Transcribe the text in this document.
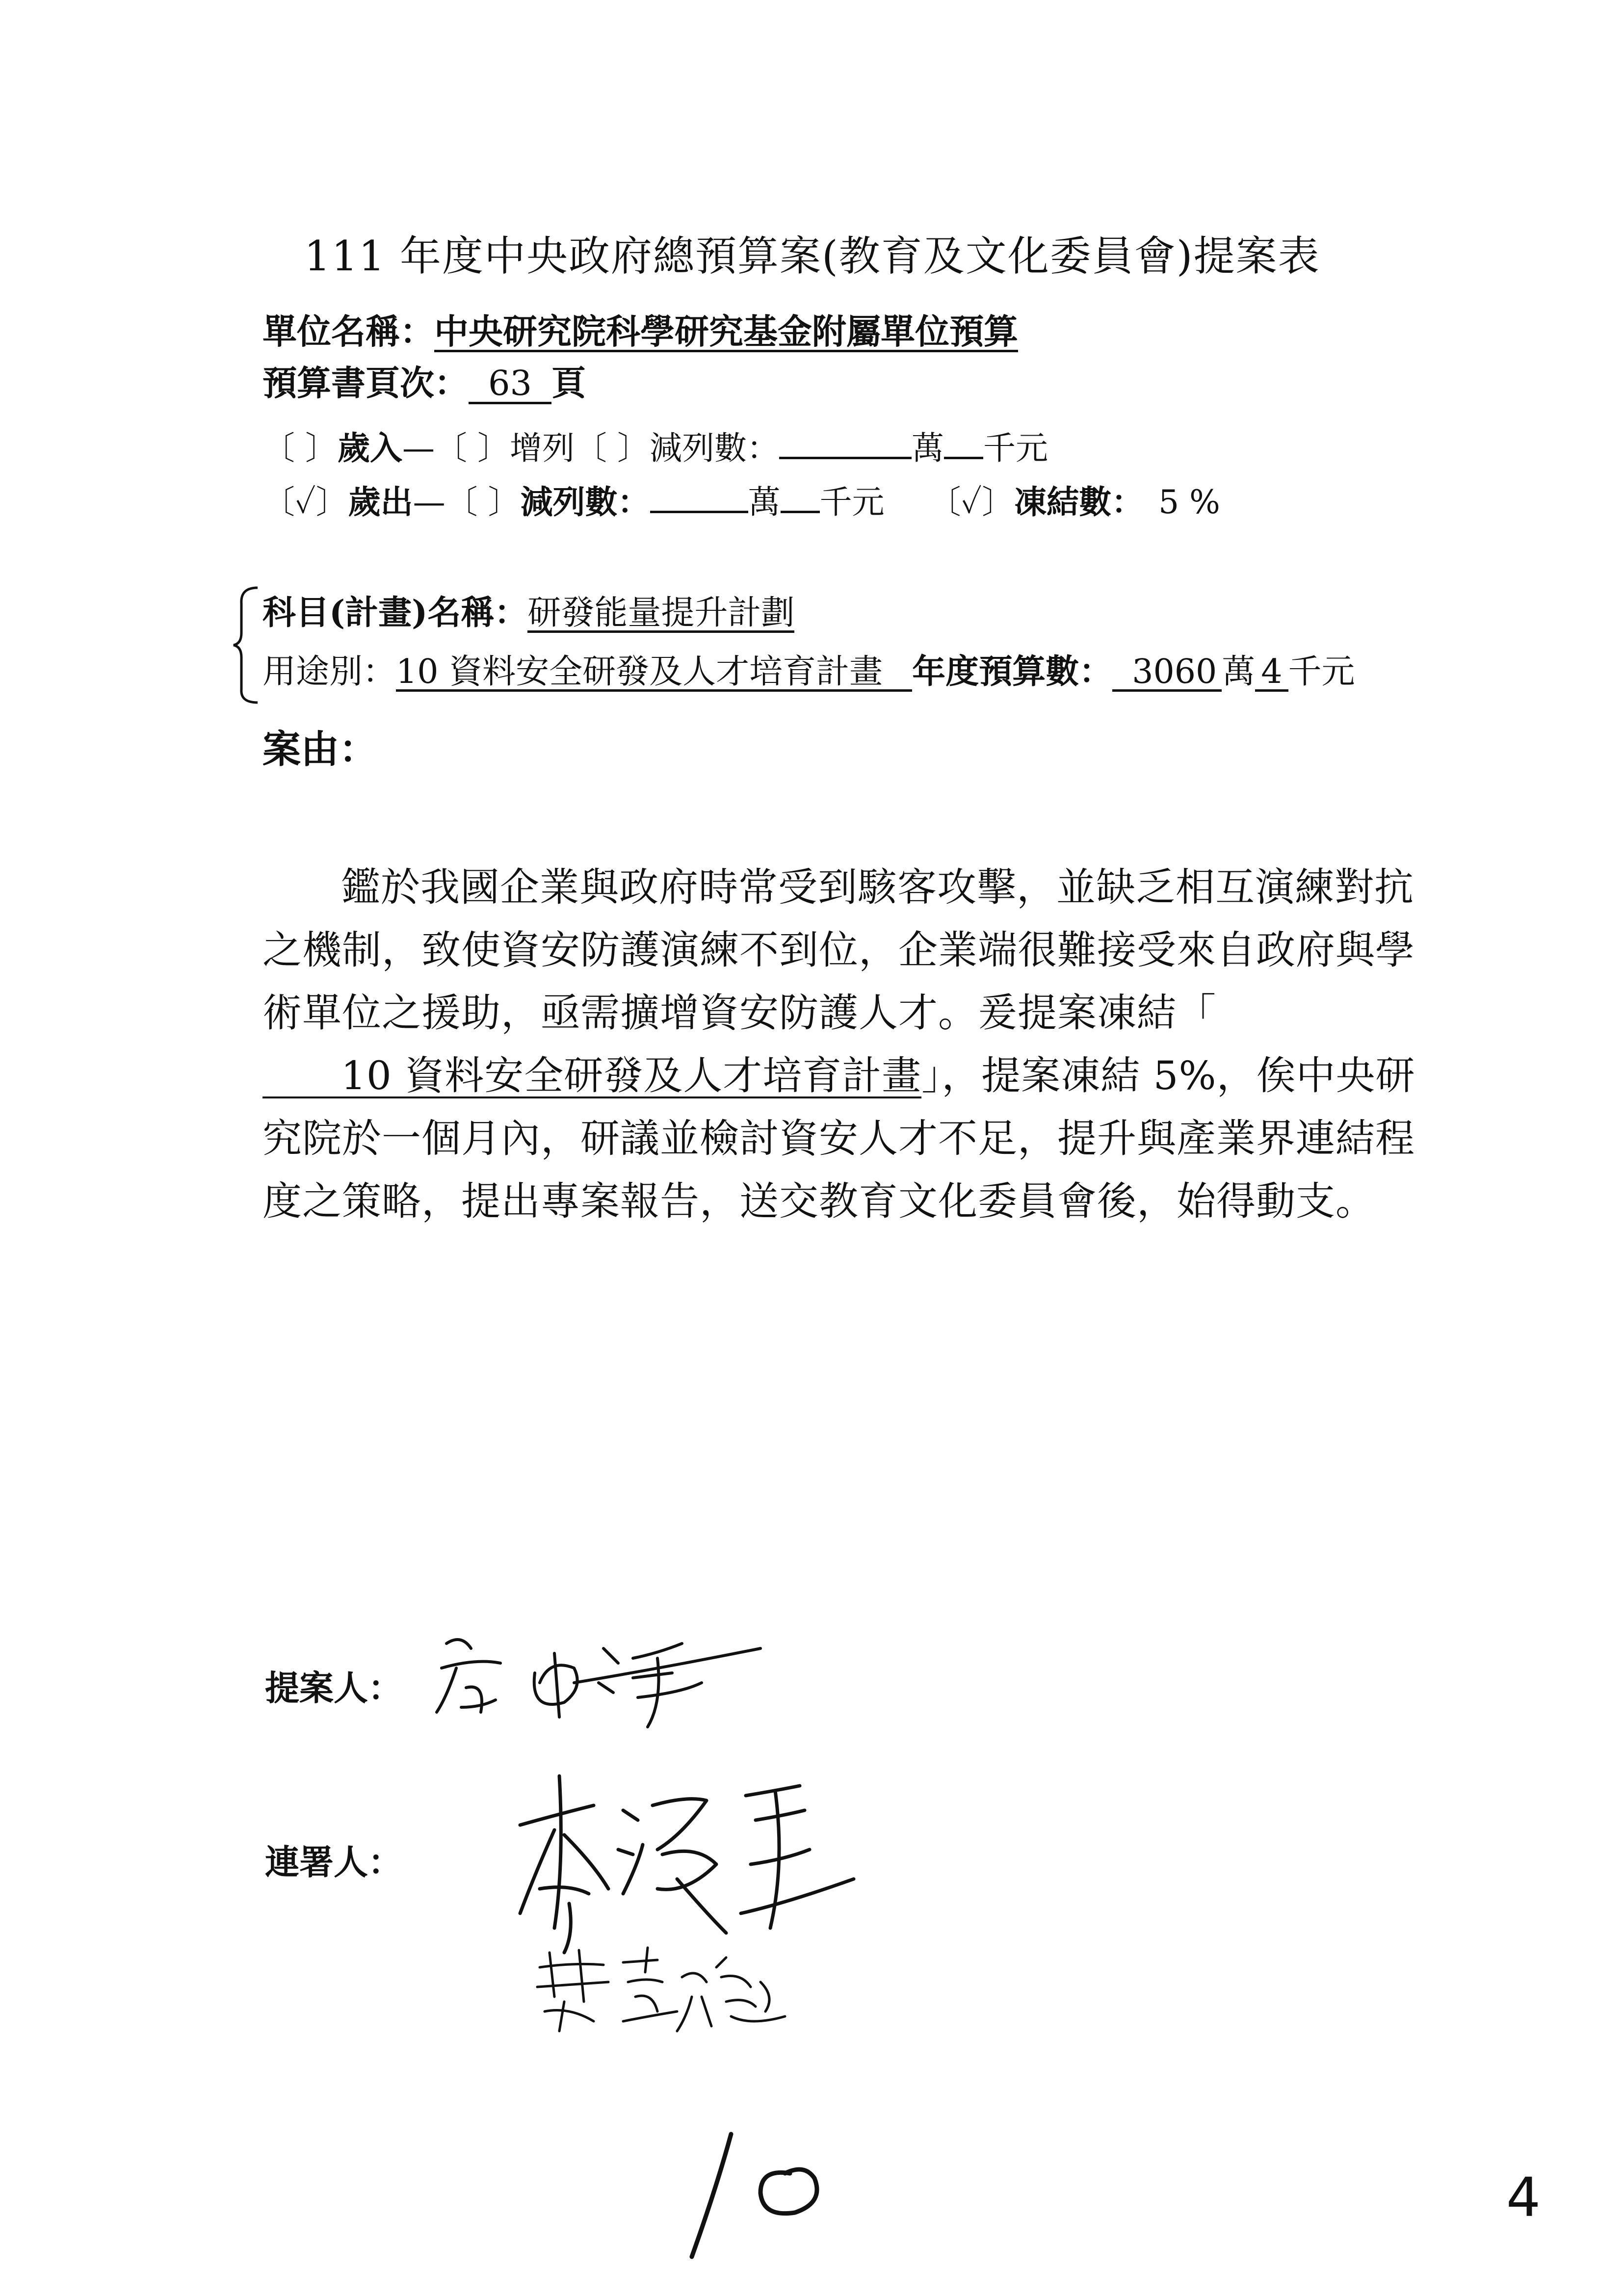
111 年度中央政府總預算案(教育及文化委員會)提案表
單位名稱：中央研究院科學研究基金附屬單位預算
預算書頁次： 63 頁
〔 〕歲入—〔 〕增列〔 〕減列數：	萬 千元
〔✓〕歲出—〔 〕減列數：	萬 千元 〔✓〕凍結數： 5 %
科目(計畫)名稱：研發能量提升計劃
用途別：10 資料安全研發及人才培育計畫 年度預算數： 3060 萬 4 千元
案由：

鑑於我國企業與政府時常受到駭客攻擊，並缺乏相互演練對抗之機制，致使資安防護演練不到位，企業端很難接受來自政府與學術單位之援助，亟需擴增資安防護人才。爰提案凍結「10 資料安全研發及人才培育計畫」，提案凍結 5%，俟中央研究院於一個月內，研議並檢討資安人才不足，提升與產業界連結程度之策略，提出專案報告，送交教育文化委員會後，始得動支。

提案人：
連署人：
4
